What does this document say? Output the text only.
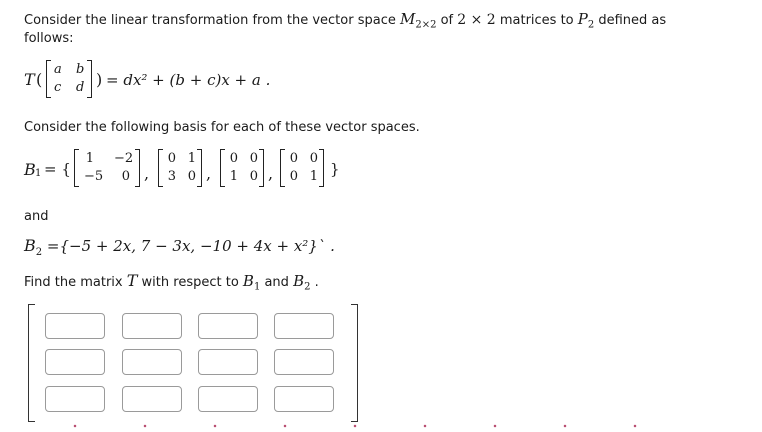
Consider the linear transformation from the vector space $M_{2\times 2}$ of 2 × 2 matrices to $P_2$ defined as
follows:
T (
a b
c d ) = dx² + (b + c)x + a .
Consider the following basis for each of these vector spaces.
B 1 = {
1 −2
−5	0 ,
0 1
3 0 ,
0 0
1 0 ,
0 0
0 1 }
and
$B_2 =\{-5 + 2x$, 7 − 3x, −10 + 4x + x²}` .
Find the matrix T with respect to $B_1$ and $B_2$ .
